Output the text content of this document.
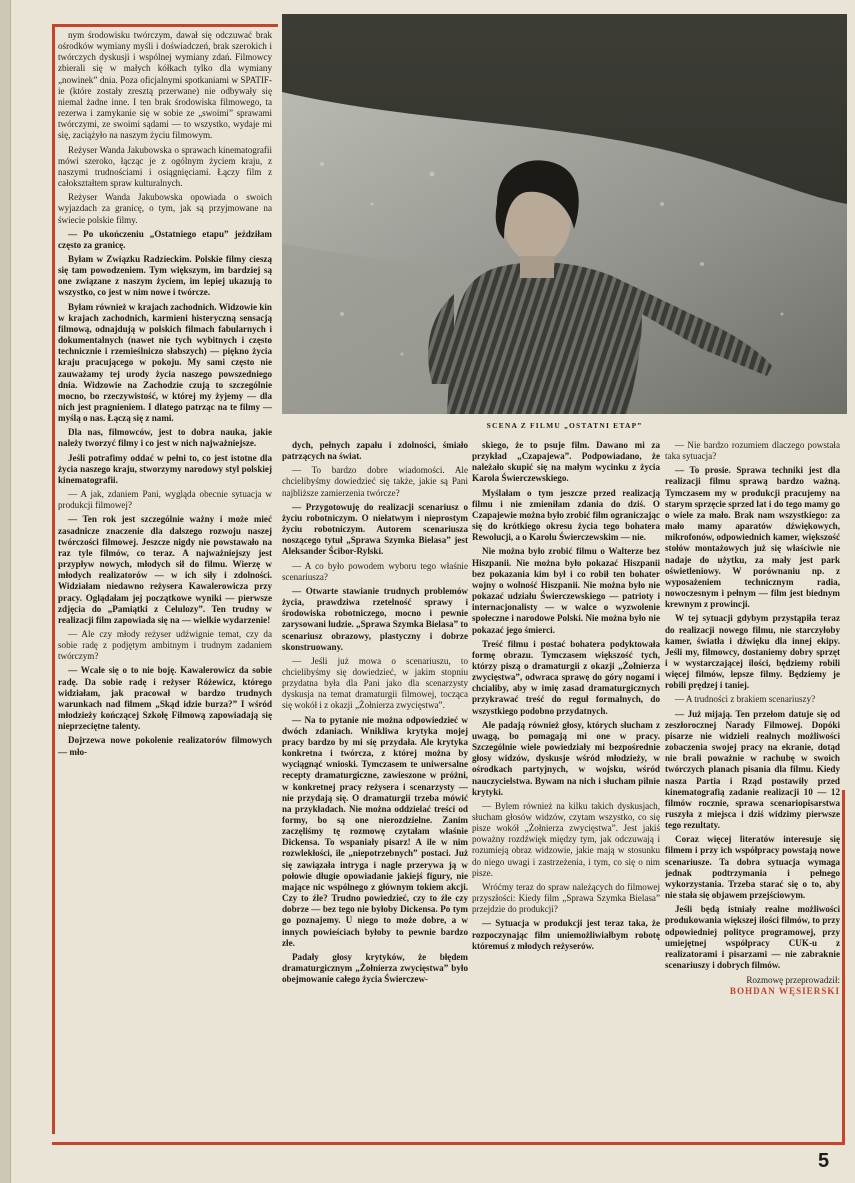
SCENA Z FILMU „OSTATNI ETAP”

nym środowisku twórczym, dawał się odczuwać brak ośrodków wymiany myśli i doświadczeń, brak szerokich i twórczych dyskusji i wspólnej wymiany zdań. Filmowcy zbierali się w małych kółkach tylko dla wymiany „nowinek” dnia. Poza oficjalnymi spotkaniami w SPATIF-ie (które zostały zresztą przerwane) nie odbywały się niemal żadne inne. I ten brak środowiska filmowego, ta rezerwa i zamykanie się w sobie ze „swoimi” sprawami twórczymi, ze swoimi sądami — to wszystko, wydaje mi się, zaciążyło na naszym życiu filmowym.

Reżyser Wanda Jakubowska o sprawach kinematografii mówi szeroko, łącząc je z ogólnym życiem kraju, z naszymi trudnościami i osiągnięciami. Łączy film z całokształtem spraw kulturalnych.

Reżyser Wanda Jakubowska opowiada o swoich wyjazdach za granicę, o tym, jak są przyjmowane na świecie polskie filmy.

— Po ukończeniu „Ostatniego etapu” jeździłam często za granicę.

Byłam w Związku Radzieckim. Polskie filmy cieszą się tam powodzeniem. Tym większym, im bardziej są one związane z naszym życiem, im lepiej ukazują to wszystko, co jest w nim nowe i twórcze.

Byłam również w krajach zachodnich. Widzowie kin w krajach zachodnich, karmieni histeryczną sensacją filmową, odnajdują w polskich filmach fabularnych i dokumentalnych (nawet nie tych wybitnych i często technicznie i rzemieślniczo słabszych) — piękno życia kraju pracującego w pokoju. My sami często nie zauważamy tej urody życia naszego powszedniego dnia. Widzowie na Zachodzie czują to szczególnie mocno, bo rzeczywistość, w której my żyjemy — dla nich jest pragnieniem. I dlatego patrząc na te filmy — myślą o nas. Łączą się z nami.

Dla nas, filmowców, jest to dobra nauka, jakie należy tworzyć filmy i co jest w nich najważniejsze.

Jeśli potrafimy oddać w pełni to, co jest istotne dla życia naszego kraju, stworzymy narodowy styl polskiej kinematografii.

— A jak, zdaniem Pani, wygląda obecnie sytuacja w produkcji filmowej?

— Ten rok jest szczególnie ważny i może mieć zasadnicze znaczenie dla dalszego rozwoju naszej twórczości filmowej. Jeszcze nigdy nie powstawało na raz tyle filmów, co teraz. A najważniejszy jest przypływ nowych, młodych sił do filmu. Wierzę w młodych realizatorów — w ich siły i zdolności. Widziałam niedawno reżysera Kawalerowicza przy pracy. Oglądałam jej początkowe wyniki — pierwsze zdjęcia do „Pamiątki z Celulozy”. Ten trudny w realizacji film zapowiada się na — wielkie wydarzenie!

— Ale czy młody reżyser udźwignie temat, czy da sobie radę z podjętym ambitnym i trudnym zadaniem twórczym?

— Wcale się o to nie boję. Kawalerowicz da sobie radę. Da sobie radę i reżyser Różewicz, którego widziałam, jak pracował w bardzo trudnych warunkach nad filmem „Skąd idzie burza?” I wśród młodzieży kończącej Szkołę Filmową zapowiadają się nieprzeciętne talenty.

Dojrzewa nowe pokolenie realizatorów filmowych — mło-

dych, pełnych zapału i zdolności, śmiało patrzących na świat.

— To bardzo dobre wiadomości. Ale chcielibyśmy dowiedzieć się także, jakie są Pani najbliższe zamierzenia twórcze?

— Przygotowuję do realizacji scenariusz o życiu robotniczym. O niełatwym i nieprostym życiu robotniczym. Autorem scenariusza noszącego tytuł „Sprawa Szymka Bielasa” jest Aleksander Ścibor-Rylski.

— A co było powodem wyboru tego właśnie scenariusza?

— Otwarte stawianie trudnych problemów życia, prawdziwa rzetelność sprawy i środowiska robotniczego, mocno i pewnie zarysowani ludzie. „Sprawa Szymka Bielasa” to scenariusz obrazowy, plastyczny i dobrze skonstruowany.

— Jeśli już mowa o scenariuszu, to chcielibyśmy się dowiedzieć, w jakim stopniu przydatna była dla Pani jako dla scenarzysty dyskusja na temat dramaturgii filmowej, tocząca się wokół i z okazji „Żołnierza zwycięstwa”.

— Na to pytanie nie można odpowiedzieć w dwóch zdaniach. Wnikliwa krytyka mojej pracy bardzo by mi się przydała. Ale krytyka konkretna i twórcza, z której można by wyciągnąć wnioski. Tymczasem te uniwersalne recepty dramaturgiczne, zawieszone w próżni, w konkretnej pracy reżysera i scenarzysty — nie przydają się. O dramaturgii trzeba mówić na przykładach. Nie można oddzielać treści od formy, bo są one nierozdzielne. Zanim zaczęliśmy tę rozmowę czytałam właśnie Dickensa. To wspaniały pisarz! A ile w nim rozwlekłości, ile „niepotrzebnych” postaci. Już się zawiązała intryga i nagle przerywa ją w połowie długie opowiadanie jakiejś figury, nie mające nic wspólnego z głównym tokiem akcji. Czy to źle? Trudno powiedzieć, czy to źle czy dobrze — bez tego nie byłoby Dickensa. Po tym go poznajemy. U niego to może dobre, a w innych powieściach byłoby to pewnie bardzo złe.

Padały głosy krytyków, że błędem dramaturgicznym „Żołnierza zwycięstwa” było obejmowanie całego życia Świerczew-

skiego, że to psuje film. Dawano mi za przykład „Czapajewa”. Podpowiadano, że należało skupić się na małym wycinku z życia Karola Świerczewskiego.

Myślałam o tym jeszcze przed realizacją filmu i nie zmieniłam zdania do dziś. O Czapajewie można było zrobić film ograniczając się do krótkiego okresu życia tego bohatera Rewolucji, a o Karolu Świerczewskim — nie.

Nie można było zrobić filmu o Walterze bez Hiszpanii. Nie można było pokazać Hiszpanii bez pokazania kim był i co robił ten bohater wojny o wolność Hiszpanii. Nie można było nie pokazać udziału Świerczewskiego — patrioty i internacjonalisty — w walce o wyzwolenie społeczne i narodowe Polski. Nie można było nie pokazać jego śmierci.

Treść filmu i postać bohatera podyktowała formę obrazu. Tymczasem większość tych, którzy piszą o dramaturgii z okazji „Żołnierza zwycięstwa”, odwraca sprawę do góry nogami i chcialiby, aby w imię zasad dramaturgicznych przykrawać treść do reguł formalnych, do wszystkiego podobno przydatnych.

Ale padają również głosy, których słucham z uwagą, bo pomagają mi one w pracy. Szczególnie wiele powiedziały mi bezpośrednie głosy widzów, dyskusje wśród młodzieży, w ośrodkach partyjnych, w wojsku, wśród nauczycielstwa. Bywam na nich i słucham pilnie krytyki.

— Bylem również na kilku takich dyskusjach, słucham głosów widzów, czytam wszystko, co się pisze wokół „Żołnierza zwycięstwa”. Jest jakiś poważny rozdźwięk między tym, jak odczuwają i rozumieją obraz widzowie, jakie mają w stosunku do niego uwagi i zastrzeżenia, i tym, co się o nim pisze.

Wróćmy teraz do spraw należących do filmowej przyszłości: Kiedy film „Sprawa Szymka Bielasa” przejdzie do produkcji?

— Sytuacja w produkcji jest teraz taka, że rozpoczynając film uniemożliwiałbym robotę któremuś z młodych reżyserów.

— Nie bardzo rozumiem dlaczego powstała taka sytuacja?

— To prosie. Sprawa techniki jest dla realizacji filmu sprawą bardzo ważną. Tymczasem my w produkcji pracujemy na starym sprzęcie sprzed lat i do tego mamy go o wiele za mało. Brak nam wszystkiego: za mało mamy aparatów dźwiękowych, mikrofonów, odpowiednich kamer, większość stołów montażowych już się właściwie nie nadaje do użytku, za mały jest park oświetleniowy. W porównaniu np. z wyposażeniem technicznym radia, nowoczesnym i pełnym — film jest biednym krewnym z prowincji.

W tej sytuacji gdybym przystąpiła teraz do realizacji nowego filmu, nie starczyłoby kamer, światła i dźwięku dla innej ekipy. Jeśli my, filmowcy, dostaniemy dobry sprzęt i w wystarczającej ilości, będziemy robili więcej filmów, lepsze filmy. Będziemy je robili prędzej i taniej.

— A trudności z brakiem scenariuszy?

— Już mijają. Ten przełom datuje się od zeszłorocznej Narady Filmowej. Dopóki pisarze nie widzieli realnych możliwości zobaczenia swojej pracy na ekranie, dotąd nie brali poważnie w rachubę w swoich twórczych planach pisania dla filmu. Kiedy nasza Partia i Rząd postawiły przed kinematografią zadanie realizacji 10 — 12 filmów rocznie, sprawa scenariopisarstwa ruszyła z miejsca i dziś widzimy pierwsze tego rezultaty.

Coraz więcej literatów interesuje się filmem i przy ich współpracy powstają nowe scenariusze. Ta dobra sytuacja wymaga jednak podtrzymania i pełnego wykorzystania. Trzeba starać się o to, aby nie stała się objawem przejściowym.

Jeśli będą istniały realne możliwości produkowania większej ilości filmów, to przy odpowiedniej polityce programowej, przy umiejętnej współpracy CUK-u z realizatorami i pisarzami — nie zabraknie scenariuszy i dobrych filmów.

Rozmowę przeprowadził:
BOHDAN WĘSIERSKI
5
